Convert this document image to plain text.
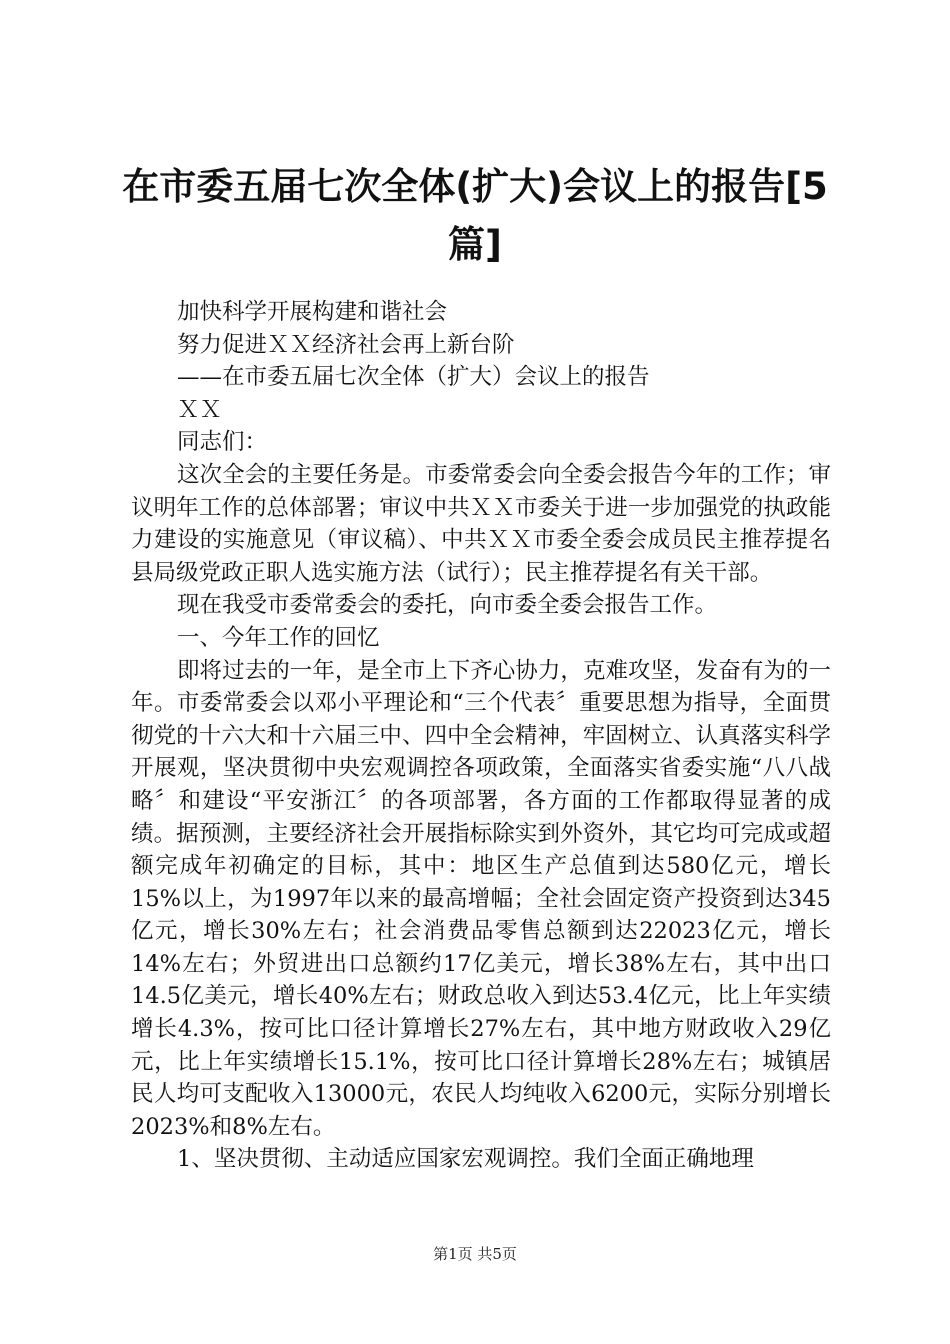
在市委五届七次全体(扩大)会议上的报告[5篇]

加快科学开展构建和谐社会

努力促进ＸＸ经济社会再上新台阶

——在市委五届七次全体（扩大）会议上的报告

ＸＸ

同志们：

这次全会的主要任务是。市委常委会向全委会报告今年的工作；审议明年工作的总体部署；审议中共ＸＸ市委关于进一步加强党的执政能力建设的实施意见（审议稿）、中共ＸＸ市委全委会成员民主推荐提名县局级党政正职人选实施方法（试行）；民主推荐提名有关干部。

现在我受市委常委会的委托，向市委全委会报告工作。

一、今年工作的回忆

即将过去的一年，是全市上下齐心协力，克难攻坚，发奋有为的一年。市委常委会以邓小平理论和“三个代表〞重要思想为指导，全面贯彻党的十六大和十六届三中、四中全会精神，牢固树立、认真落实科学开展观，坚决贯彻中央宏观调控各项政策，全面落实省委实施“八八战略〞和建设“平安浙江〞的各项部署，各方面的工作都取得显著的成绩。据预测，主要经济社会开展指标除实到外资外，其它均可完成或超额完成年初确定的目标，其中：地区生产总值到达580亿元，增长15%以上，为1997年以来的最高增幅；全社会固定资产投资到达345亿元，增长30%左右；社会消费品零售总额到达22023亿元，增长14%左右；外贸进出口总额约17亿美元，增长38%左右，其中出口14.5亿美元，增长40%左右；财政总收入到达53.4亿元，比上年实绩增长4.3%，按可比口径计算增长27%左右，其中地方财政收入29亿元，比上年实绩增长15.1%，按可比口径计算增长28%左右；城镇居民人均可支配收入13000元，农民人均纯收入6200元，实际分别增长2023%和8%左右。

1、坚决贯彻、主动适应国家宏观调控。我们全面正确地理

第1页 共5页
